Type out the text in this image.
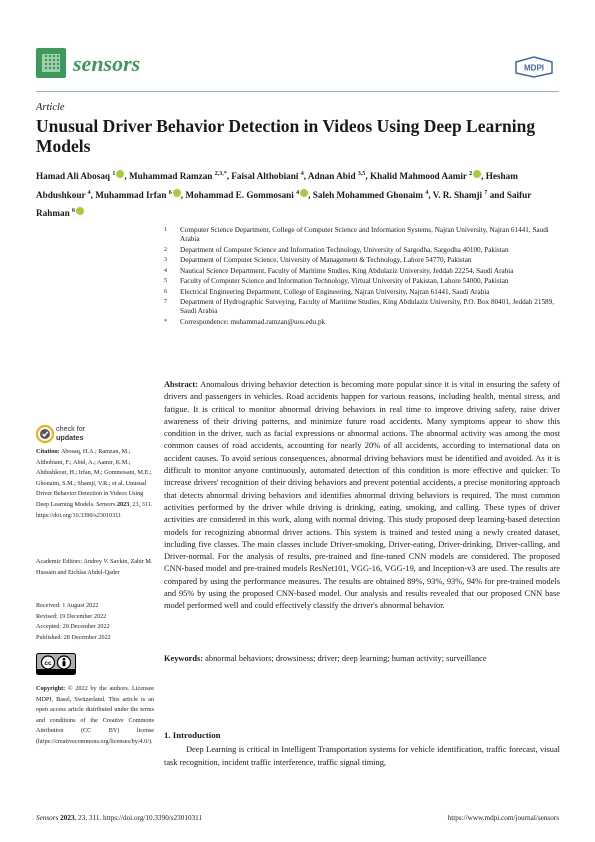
sensors	MDPI
Article
Unusual Driver Behavior Detection in Videos Using Deep Learning Models
Hamad Ali Abosaq $^1$ , Muhammad Ramzan $^{2,3,*}$, Faisal Althobiani $^4$, Adnan Abid $^{3,5}$, Khalid Mahmood Aamir $^2$ , Hesham Abdushkour $^4$, Muhammad Irfan $^6$ , Mohammad E. Gommosani $^4$ , Saleh Mohammed Ghonaim $^4$, V. R. Shamji $^7$ and Saifur Rahman $^6$
1	Computer Science Department, College of Computer Science and Information Systems, Najran University, Najran 61441, Saudi Arabia
2	Department of Computer Science and Information Technology, University of Sargodha, Sargodha 40100, Pakistan
3	Department of Computer Science, University of Management & Technology, Lahore 54770, Pakistan
4	Nautical Science Department, Faculty of Maritime Studies, King Abdulaziz University, Jeddah 22254, Saudi Arabia
5	Faculty of Computer Science and Information Technology, Virtual University of Pakistan, Lahore 54000, Pakistan
6	Electrical Engineering Department, College of Engineering, Najran University, Najran 61441, Saudi Arabia
7	Department of Hydrographic Surveying, Faculty of Maritime Studies, King Abdulaziz University, P.O. Box 80401, Jeddah 21589, Saudi Arabia
*	Correspondence: muhammad.ramzan@uos.edu.pk
check for
updates
Citation: Abosaq, H.A.; Ramzan, M.; Althobiani, F.; Abid, A.; Aamir, K.M.; Abdushkour, H.; Irfan, M.; Gommosani, M.E.; Ghonaim, S.M.; Shamji, V.R.; et al. Unusual Driver Behavior Detection in Videos Using Deep Learning Models. Sensors 2023, 23, 311. https://doi.org/10.3390/s23010311
Academic Editors: Andrey V. Savkin, Zahir M. Hussain and Eichlas Abdel-Qader
Received: 1 August 2022
Revised: 19 December 2022
Accepted: 20 December 2022
Published: 28 December 2022
cc
Copyright: © 2022 by the authors. Licensee MDPI, Basel, Switzerland. This article is an open access article distributed under the terms and conditions of the Creative Commons Attribution (CC BY) license (https://creativecommons.org/licenses/by/4.0/).
Abstract: Anomalous driving behavior detection is becoming more popular since it is vital in ensuring the safety of drivers and passengers in vehicles. Road accidents happen for various reasons, including health, mental stress, and fatigue. It is critical to monitor abnormal driving behaviors in real time to improve driving safety, raise driver awareness of their driving patterns, and minimize future road accidents. Many symptoms appear to show this condition in the driver, such as facial expressions or abnormal actions. The abnormal activity was among the most common causes of road accidents, accounting for nearly 20% of all accidents, according to international data on accident causes. To avoid serious consequences, abnormal driving behaviors must be identified and avoided. As it is difficult to monitor anyone continuously, automated detection of this condition is more effective and quicker. To increase drivers' recognition of their driving behaviors and prevent potential accidents, a precise monitoring approach that detects abnormal driving behaviors and identifies abnormal driving behaviors is required. The most common activities performed by the driver while driving is drinking, eating, smoking, and calling. These types of driver activities are considered in this work, along with normal driving. This study proposed deep learning-based detection models for recognizing abnormal driver actions. This system is trained and tested using a newly created dataset, including five classes. The main classes include Driver-smoking, Driver-eating, Driver-drinking, Driver-calling, and Driver-normal. For the analysis of results, pre-trained and fine-tuned CNN models are considered. The proposed CNN-based model and pre-trained models ResNet101, VGG-16, VGG-19, and Inception-v3 are used. The results are compared by using the performance measures. The results are obtained 89%, 93%, 93%, 94% for pre-trained models and 95% by using the proposed CNN-based model. Our analysis and results revealed that our proposed CNN base model performed well and could effectively classify the driver's abnormal behavior.
Keywords: abnormal behaviors; drowsiness; driver; deep learning; human activity; surveillance
1. Introduction
Deep Learning is critical in Intelligent Transportation systems for vehicle identification, traffic forecast, visual task recognition, incident traffic interference, traffic signal timing,
Sensors 2023, 23, 311. https://doi.org/10.3390/s23010311	https://www.mdpi.com/journal/sensors
